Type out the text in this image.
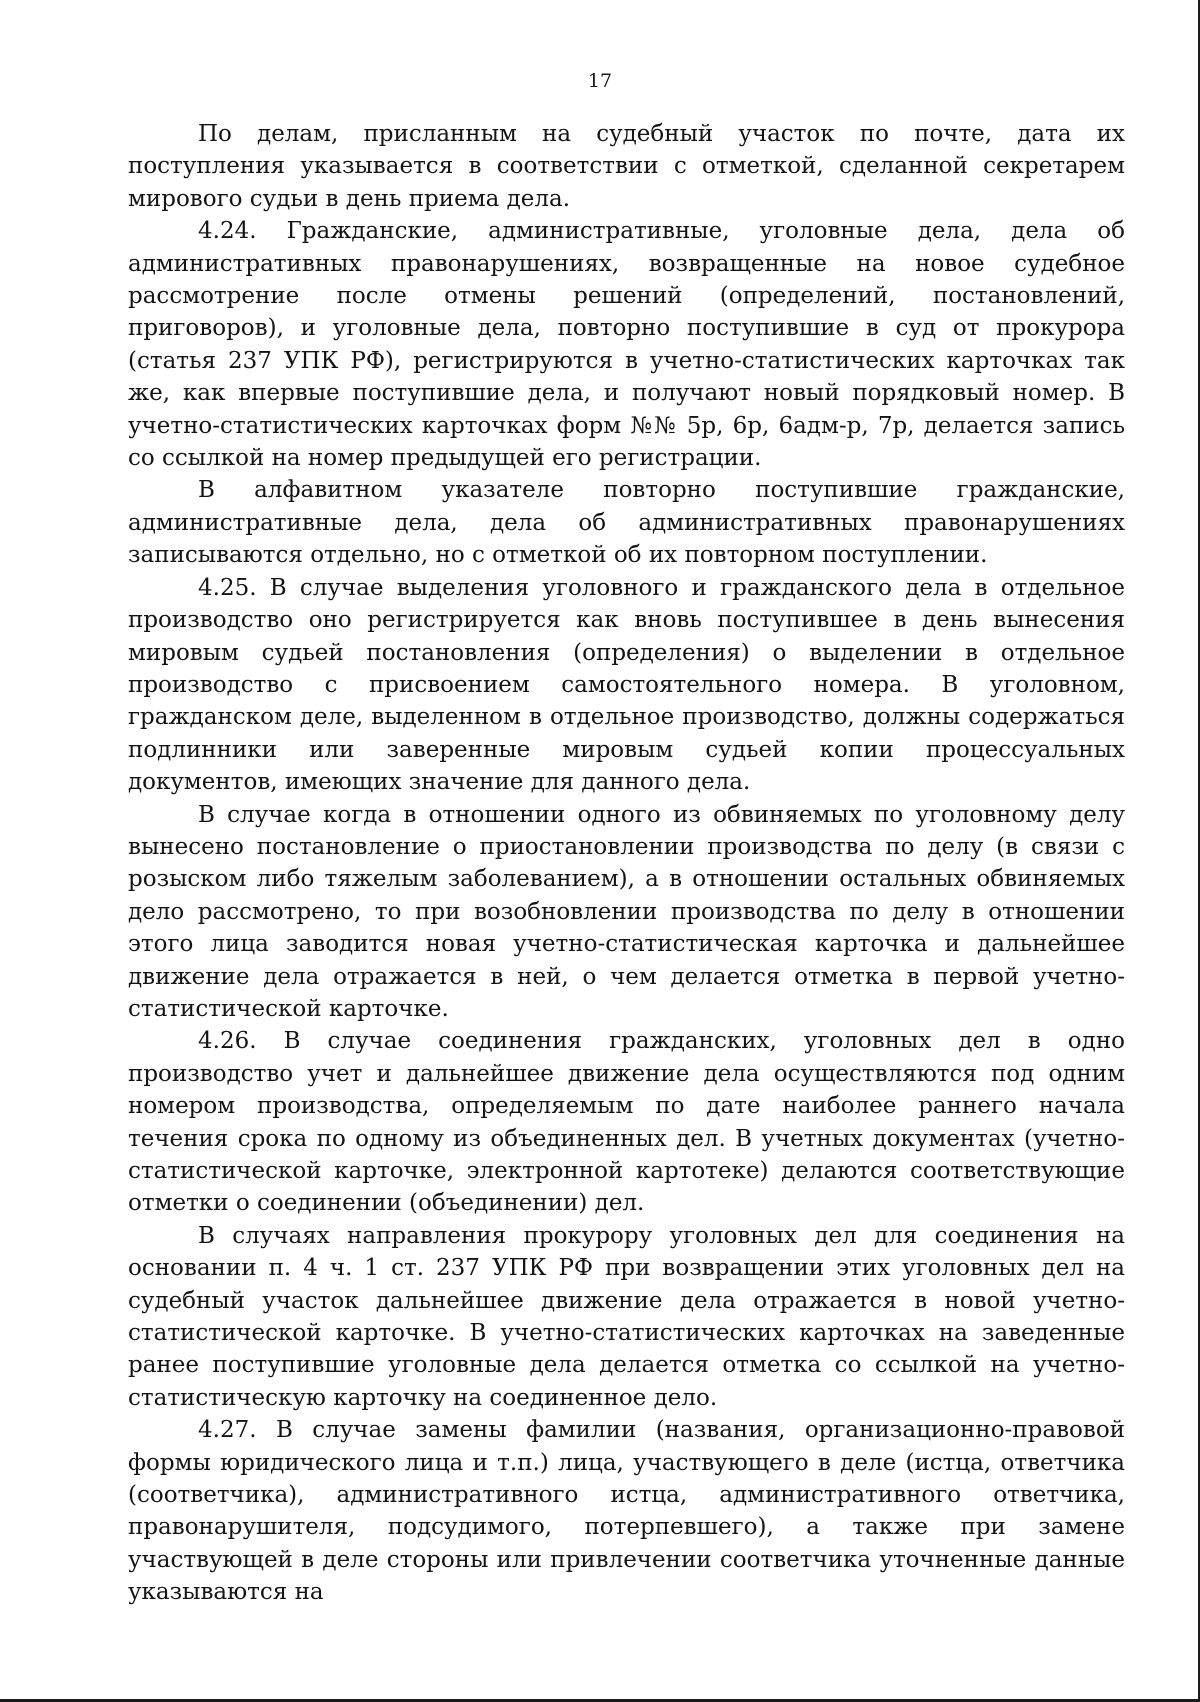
17

По делам, присланным на судебный участок по почте, дата их поступления указывается в соответствии с отметкой, сделанной секретарем мирового судьи в день приема дела.

4.24. Гражданские, административные, уголовные дела, дела об административных правонарушениях, возвращенные на новое судебное рассмотрение после отмены решений (определений, постановлений, приговоров), и уголовные дела, повторно поступившие в суд от прокурора (статья 237 УПК РФ), регистрируются в учетно-статистических карточках так же, как впервые поступившие дела, и получают новый порядковый номер. В учетно-статистических карточках форм №№ 5р, 6р, 6адм-р, 7р, делается запись со ссылкой на номер предыдущей его регистрации.

В алфавитном указателе повторно поступившие гражданские, административные дела, дела об административных правонарушениях записываются отдельно, но с отметкой об их повторном поступлении.

4.25. В случае выделения уголовного и гражданского дела в отдельное производство оно регистрируется как вновь поступившее в день вынесения мировым судьей постановления (определения) о выделении в отдельное производство с присвоением самостоятельного номера. В уголовном, гражданском деле, выделенном в отдельное производство, должны содержаться подлинники или заверенные мировым судьей копии процессуальных документов, имеющих значение для данного дела.

В случае когда в отношении одного из обвиняемых по уголовному делу вынесено постановление о приостановлении производства по делу (в связи с розыском либо тяжелым заболеванием), а в отношении остальных обвиняемых дело рассмотрено, то при возобновлении производства по делу в отношении этого лица заводится новая учетно-статистическая карточка и дальнейшее движение дела отражается в ней, о чем делается отметка в первой учетно-статистической карточке.

4.26. В случае соединения гражданских, уголовных дел в одно производство учет и дальнейшее движение дела осуществляются под одним номером производства, определяемым по дате наиболее раннего начала течения срока по одному из объединенных дел. В учетных документах (учетно-статистической карточке, электронной картотеке) делаются соответствующие отметки о соединении (объединении) дел.

В случаях направления прокурору уголовных дел для соединения на основании п. 4 ч. 1 ст. 237 УПК РФ при возвращении этих уголовных дел на судебный участок дальнейшее движение дела отражается в новой учетно-статистической карточке. В учетно-статистических карточках на заведенные ранее поступившие уголовные дела делается отметка со ссылкой на учетно-статистическую карточку на соединенное дело.

4.27. В случае замены фамилии (названия, организационно-правовой формы юридического лица и т.п.) лица, участвующего в деле (истца, ответчика (соответчика), административного истца, административного ответчика, правонарушителя, подсудимого, потерпевшего), а также при замене участвующей в деле стороны или привлечении соответчика уточненные данные указываются на
